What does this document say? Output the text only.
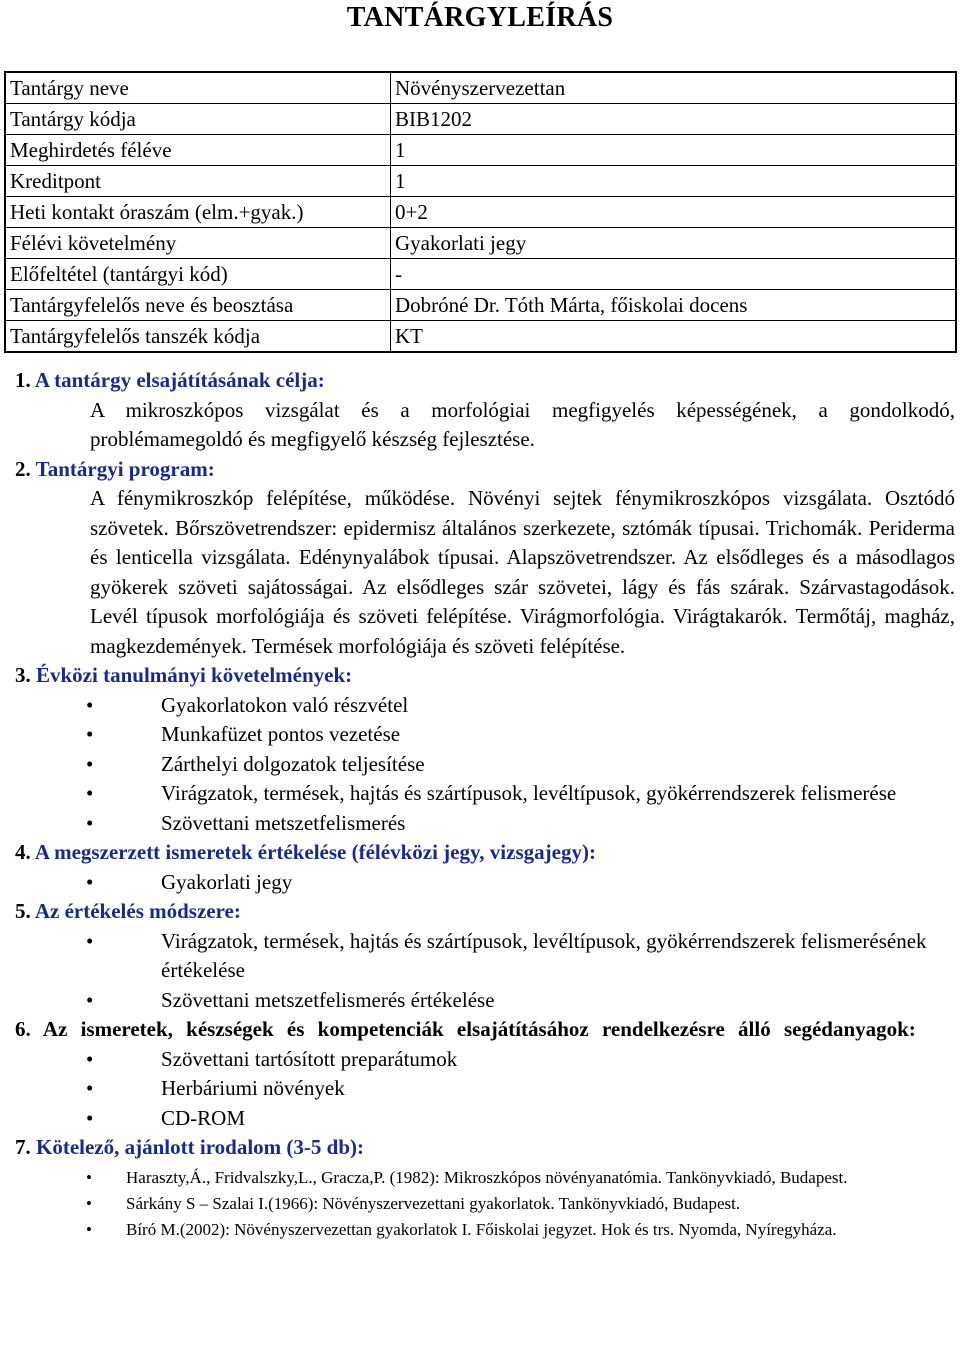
TANTÁRGYLEÍRÁS
Tantárgy neve	Növényszervezettan
Tantárgy kódja	BIB1202
Meghirdetés féléve	1
Kreditpont	1
Heti kontakt óraszám (elm.+gyak.)	0+2
Félévi követelmény	Gyakorlati jegy
Előfeltétel (tantárgyi kód)	-
Tantárgyfelelős neve és beosztása	Dobróné Dr. Tóth Márta, főiskolai docens
Tantárgyfelelős tanszék kódja	KT

1. A tantárgy elsajátításának célja:

A mikroszkópos vizsgálat és a morfológiai megfigyelés képességének, a gondolkodó, problémamegoldó és megfigyelő készség fejlesztése.

2. Tantárgyi program:

A fénymikroszkóp felépítése, működése. Növényi sejtek fénymikroszkópos vizsgálata. Osztódó szövetek. Bőrszövetrendszer: epidermisz általános szerkezete, sztómák típusai. Trichomák. Periderma és lenticella vizsgálata. Edénynyalábok típusai. Alapszövetrendszer. Az elsődleges és a másodlagos gyökerek szöveti sajátosságai. Az elsődleges szár szövetei, lágy és fás szárak. Szárvastagodások. Levél típusok morfológiája és szöveti felépítése. Virágmorfológia. Virágtakarók. Termőtáj, magház, magkezdemények. Termések morfológiája és szöveti felépítése.

3. Évközi tanulmányi követelmények:

• Gyakorlatokon való részvétel
• Munkafüzet pontos vezetése
• Zárthelyi dolgozatok teljesítése
• Virágzatok, termések, hajtás és szártípusok, levéltípusok, gyökérrendszerek felismerése
• Szövettani metszetfelismerés

4. A megszerzett ismeretek értékelése (félévközi jegy, vizsgajegy):

• Gyakorlati jegy

5. Az értékelés módszere:

• Virágzatok, termések, hajtás és szártípusok, levéltípusok, gyökérrendszerek felismerésének értékelése
• Szövettani metszetfelismerés értékelése

6. Az ismeretek, készségek és kompetenciák elsajátításához rendelkezésre álló segédanyagok:

• Szövettani tartósított preparátumok
• Herbáriumi növények
• CD-ROM

7. Kötelező, ajánlott irodalom (3-5 db):

• Haraszty,Á., Fridvalszky,L., Gracza,P. (1982): Mikroszkópos növényanatómia. Tankönyvkiadó, Budapest.
• Sárkány S – Szalai I.(1966): Növényszervezettani gyakorlatok. Tankönyvkiadó, Budapest.
• Bíró M.(2002): Növényszervezettan gyakorlatok I. Főiskolai jegyzet. Hok és trs. Nyomda, Nyíregyháza.
